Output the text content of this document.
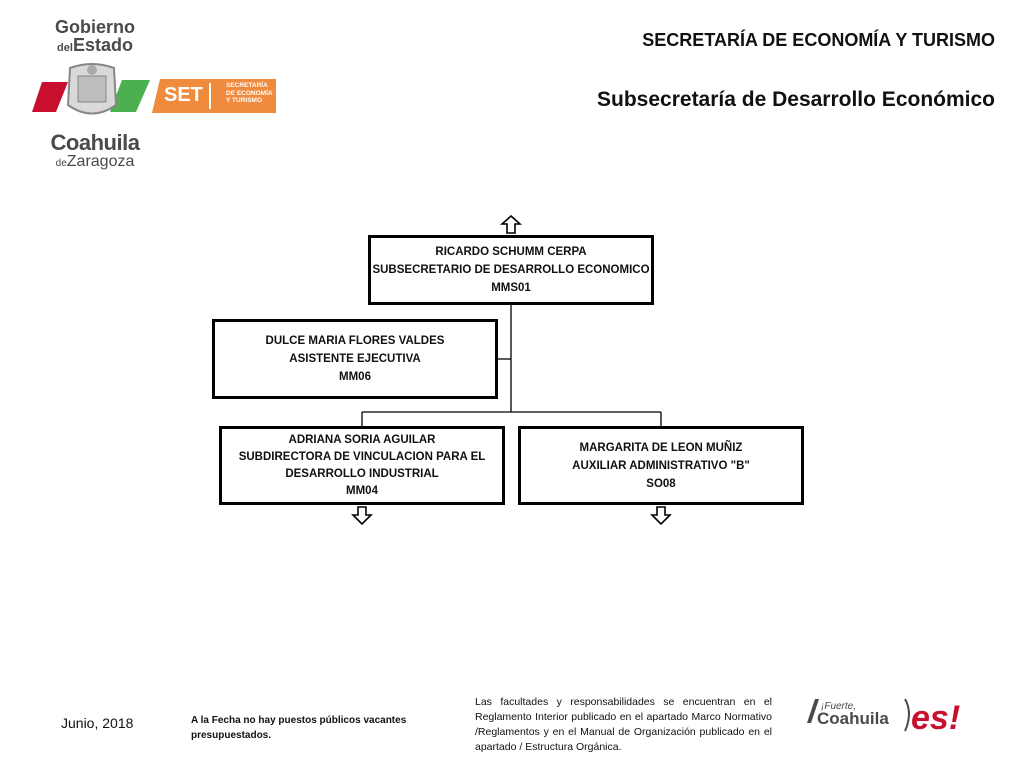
Gobierno
delEstado
SET	SECRETARÍA
DE ECONOMÍA
Y TURISMO
Coahuila
deZaragoza
SECRETARÍA DE ECONOMÍA Y TURISMO
Subsecretaría de Desarrollo Económico
RICARDO SCHUMM CERPA
SUBSECRETARIO DE DESARROLLO ECONOMICO
MMS01
DULCE MARIA FLORES VALDES
ASISTENTE EJECUTIVA
MM06
ADRIANA SORIA AGUILAR
SUBDIRECTORA DE VINCULACION PARA EL
DESARROLLO INDUSTRIAL
MM04
MARGARITA DE LEON MUÑIZ
AUXILIAR ADMINISTRATIVO "B"
SO08
Junio, 2018	A la Fecha no hay puestos públicos vacantes
presupuestados.
Las facultades y responsabilidades se encuentran en el Reglamento Interior publicado en el apartado Marco Normativo /Reglamentos y en el Manual de Organización publicado en el apartado / Estructura Orgánica.
¡Fuerte,
Coahuila es!
